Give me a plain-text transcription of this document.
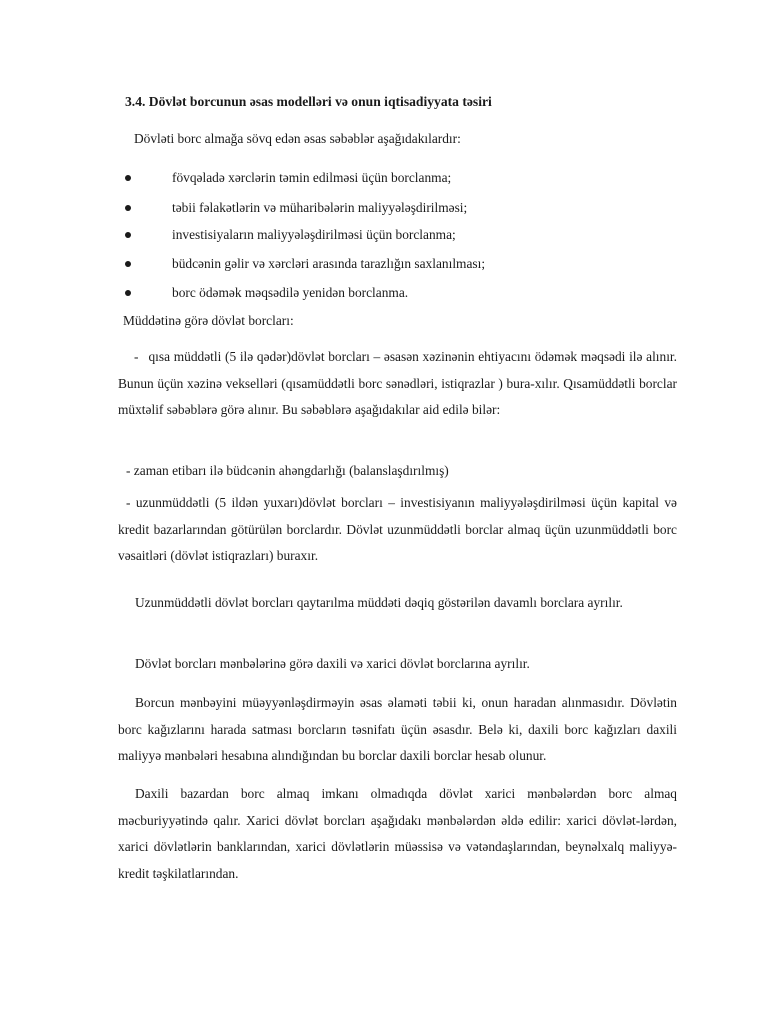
3.4. Dövlət borcunun əsas modelləri və onun iqtisadiyyata təsiri
Dövləti borc almağa sövq edən əsas səbəblər aşağıdakılardır:
fövqəladə xərclərin təmin edilməsi üçün borclanma;
təbii fəlakətlərin və müharibələrin maliyyələşdirilməsi;
investisiyaların maliyyələşdirilməsi üçün borclanma;
büdcənin gəlir və xərcləri arasında tarazlığın saxlanılması;
borc ödəmək məqsədilə yenidən borclanma.
Müddətinə görə dövlət borcları:

- qısa müddətli (5 ilə qədər)dövlət borcları – əsasən xəzinənin ehtiyacını ödəmək məqsədi ilə alınır. Bunun üçün xəzinə veksellәri (qısamüddətli borc sənədləri, istiqrazlar ) bura-xılır. Qısamüddətli borclar müxtəlif səbəblərə görə alınır. Bu səbəblərə aşağıdakılar aid edilə bilər:

- zaman etibarı ilə büdcənin ahəngdarlığı (balanslaşdırılmış)

- uzunmüddətli (5 ildən yuxarı)dövlət borcları – investisiyanın maliyyələşdirilməsi üçün kapital və kredit bazarlarından götürülən borclardır. Dövlət uzunmüddətli borclar almaq üçün uzunmüddətli borc vəsaitləri (dövlət istiqrazları) buraxır.

Uzunmüddətli dövlət borcları qaytarılma müddəti dəqiq göstərilən davamlı borclara ayrılır.

Dövlət borcları mənbələrinə görə daxili və xarici dövlət borclarına ayrılır.

Borcun mənbəyini müəyyənləşdirməyin əsas əlaməti təbii ki, onun haradan alınmasıdır. Dövlətin borc kağızlarını harada satması borcların təsnifatı üçün əsasdır. Belə ki, daxili borc kağızları daxili maliyyə mənbələri hesabına alındığından bu borclar daxili borclar hesab olunur.

Daxili bazardan borc almaq imkanı olmadıqda dövlət xarici mənbələrdən borc almaq məcburiyyətində qalır. Xarici dövlət borcları aşağıdakı mənbələrdən əldə edilir: xarici dövlət-lərdən, xarici dövlətlərin banklarından, xarici dövlətlərin müəssisə və vətəndaşlarından, beynəlxalq maliyyə-kredit təşkilatlarından.
